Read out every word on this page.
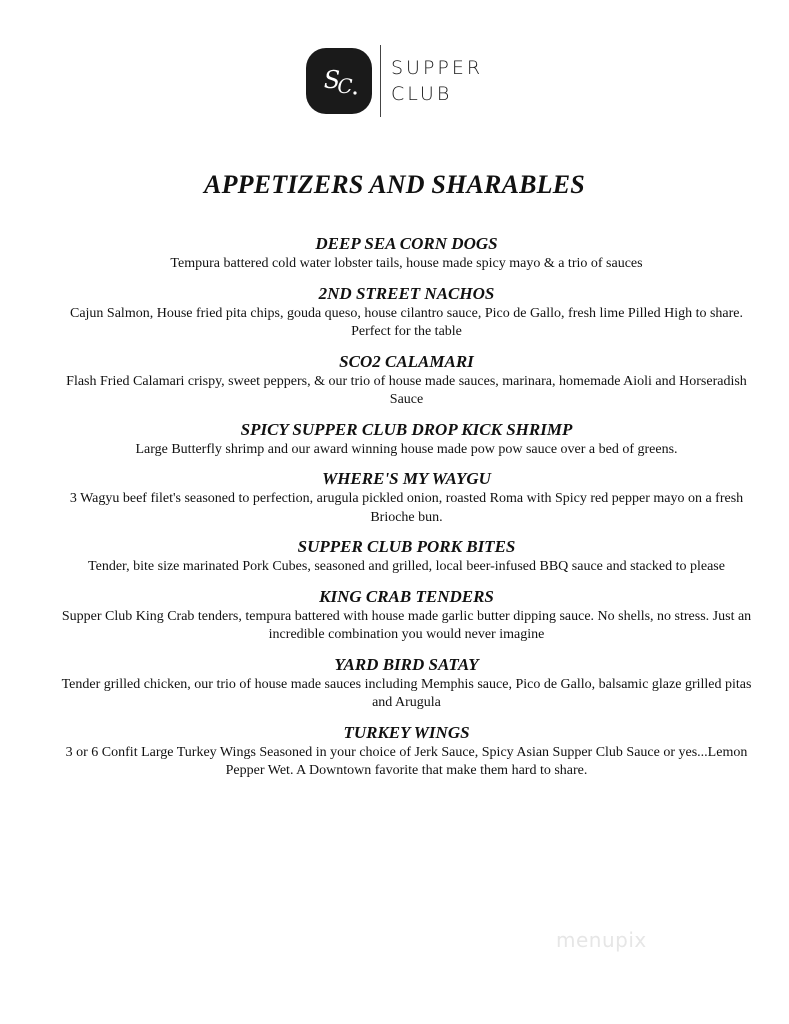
S
C
SUPPER
CLUB
APPETIZERS AND SHARABLES
DEEP SEA CORN DOGS
Tempura battered cold water lobster tails, house made spicy mayo & a trio of sauces
2ND STREET NACHOS
Cajun Salmon, House fried pita chips, gouda queso, house cilantro sauce, Pico de Gallo, fresh lime Pilled High to share. Perfect for the table
SCO2 CALAMARI
Flash Fried Calamari crispy, sweet peppers, & our trio of house made sauces, marinara, homemade Aioli and Horseradish Sauce
SPICY SUPPER CLUB DROP KICK SHRIMP
Large Butterfly shrimp and our award winning house made pow pow sauce over a bed of greens.
WHERE'S MY WAYGU
3 Wagyu beef filet's seasoned to perfection, arugula pickled onion, roasted Roma with Spicy red pepper mayo on a fresh Brioche bun.
SUPPER CLUB PORK BITES
Tender, bite size marinated Pork Cubes, seasoned and grilled, local beer-infused BBQ sauce and stacked to please
KING CRAB TENDERS
Supper Club King Crab tenders, tempura battered with house made garlic butter dipping sauce. No shells, no stress. Just an incredible combination you would never imagine
YARD BIRD SATAY
Tender grilled chicken, our trio of house made sauces including Memphis sauce, Pico de Gallo, balsamic glaze grilled pitas and Arugula
TURKEY WINGS
3 or 6 Confit Large Turkey Wings Seasoned in your choice of Jerk Sauce, Spicy Asian Supper Club Sauce or yes...Lemon Pepper Wet. A Downtown favorite that make them hard to share.
menupix
